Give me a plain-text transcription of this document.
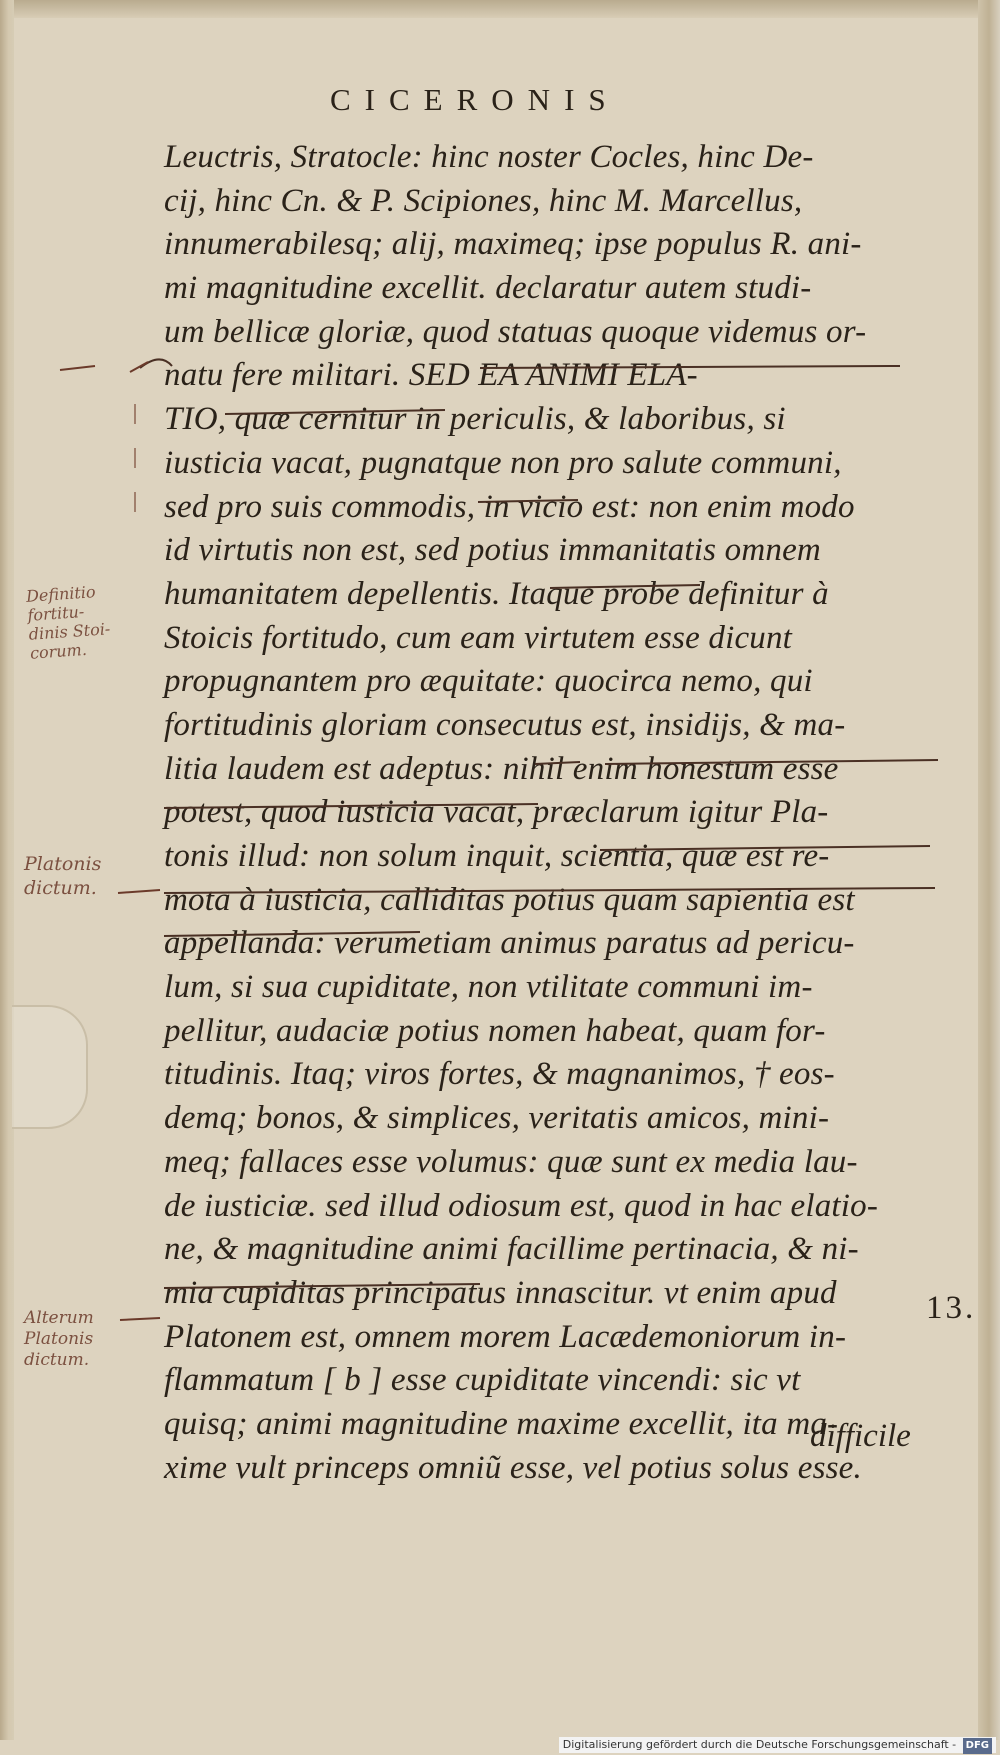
CICERONIS
Leuctris, Stratocle: hinc noster Cocles, hinc De-
cij, hinc Cn. & P. Scipiones, hinc M. Marcellus,
innumerabilesq; alij, maximeq; ipse populus R. ani-
mi magnitudine excellit. declaratur autem studi-
um bellicæ gloriæ, quod statuas quoque videmus or-
natu fere militari. SED EA ANIMI ELA-
TIO, quæ cernitur in periculis, & laboribus, si
iusticia vacat, pugnatque non pro salute communi,
sed pro suis commodis, in vicio est: non enim modo
id virtutis non est, sed potius immanitatis omnem
humanitatem depellentis. Itaque probe definitur à
Stoicis fortitudo, cum eam virtutem esse dicunt
propugnantem pro æquitate: quocirca nemo, qui
fortitudinis gloriam consecutus est, insidijs, & ma-
litia laudem est adeptus: nihil enim honestum esse
potest, quod iusticia vacat, præclarum igitur Pla-
tonis illud: non solum inquit, scientia, quæ est re-
mota à iusticia, calliditas potius quam sapientia est
appellanda: verumetiam animus paratus ad pericu-
lum, si sua cupiditate, non vtilitate communi im-
pellitur, audaciæ potius nomen habeat, quam for-
titudinis. Itaq; viros fortes, & magnanimos, † eos-
demq; bonos, & simplices, veritatis amicos, mini-
meq; fallaces esse volumus: quæ sunt ex media lau-
de iusticiæ. sed illud odiosum est, quod in hac elatio-
ne, & magnitudine animi facillime pertinacia, & ni-
mia cupiditas principatus innascitur. vt enim apud
Platonem est, omnem morem Lacædemoniorum in-
flammatum [ b ] esse cupiditate vincendi: sic vt
quisq; animi magnitudine maxime excellit, ita ma-
xime vult princeps omniũ esse, vel potius solus esse.
difficile
13.
Definitio
fortitu-
dinis Stoi-
corum.
Platonis
dictum.
Alterum
Platonis
dictum.
Digitalisierung gefördert durch die Deutsche Forschungsgemeinschaft - DFG
